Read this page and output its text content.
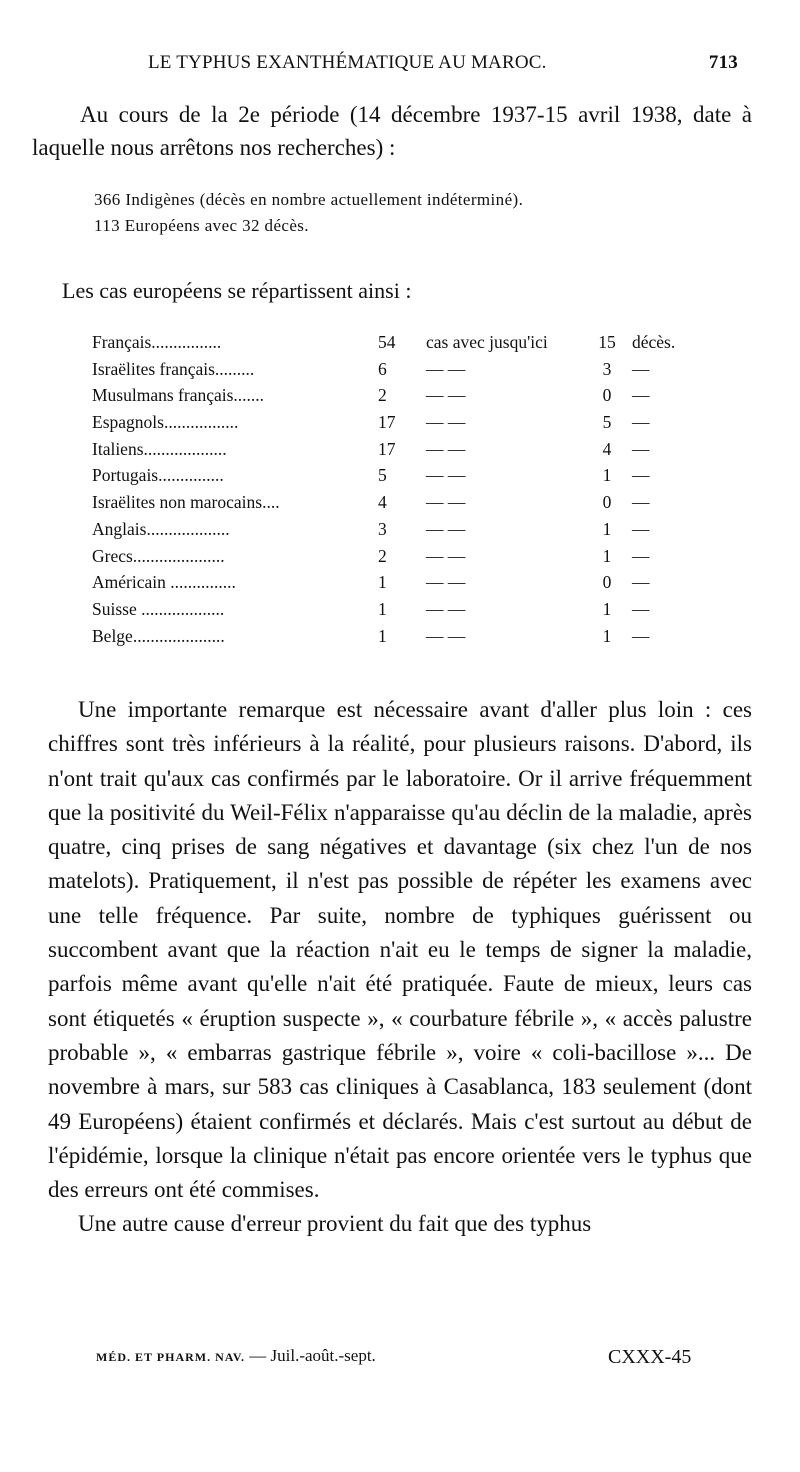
LE TYPHUS EXANTHÉMATIQUE AU MAROC.	713
Au cours de la 2e période (14 décembre 1937-15 avril 1938, date à laquelle nous arrêtons nos recherches) :
366 Indigènes (décès en nombre actuellement indéterminé).
113 Européens avec 32 décès.
Les cas européens se répartissent ainsi :
Français................	54	cas avec jusqu'ici	15 décès.
Israëlites français.........	6	— —	3	—
Musulmans français.......	2	— —	0	—
Espagnols.................	17	— —	5	—
Italiens...................	17	— —	4	—
Portugais...............	5	— —	1	—
Israëlites non marocains....	4	— —	0	—
Anglais...................	3	— —	1	—
Grecs.....................	2	— —	1	—
Américain ...............	1	— —	0	—
Suisse ...................	1	— —	1	—
Belge.....................	1	— —	1	—

Une importante remarque est nécessaire avant d'aller plus loin : ces chiffres sont très inférieurs à la réalité, pour plusieurs raisons. D'abord, ils n'ont trait qu'aux cas confirmés par le laboratoire. Or il arrive fréquemment que la positivité du Weil-Félix n'apparaisse qu'au déclin de la maladie, après quatre, cinq prises de sang négatives et davantage (six chez l'un de nos matelots). Pratiquement, il n'est pas possible de répéter les examens avec une telle fréquence. Par suite, nombre de typhiques guérissent ou succombent avant que la réaction n'ait eu le temps de signer la maladie, parfois même avant qu'elle n'ait été pratiquée. Faute de mieux, leurs cas sont étiquetés « éruption suspecte », « courbature fébrile », « accès palustre probable », « embarras gastrique fébrile », voire « coli-bacillose »... De novembre à mars, sur 583 cas cliniques à Casablanca, 183 seulement (dont 49 Européens) étaient confirmés et déclarés. Mais c'est surtout au début de l'épidémie, lorsque la clinique n'était pas encore orientée vers le typhus que des erreurs ont été commises.

Une autre cause d'erreur provient du fait que des typhus

MÉD. ET PHARM. NAV. — Juil.-août.-sept.	CXXX-45
